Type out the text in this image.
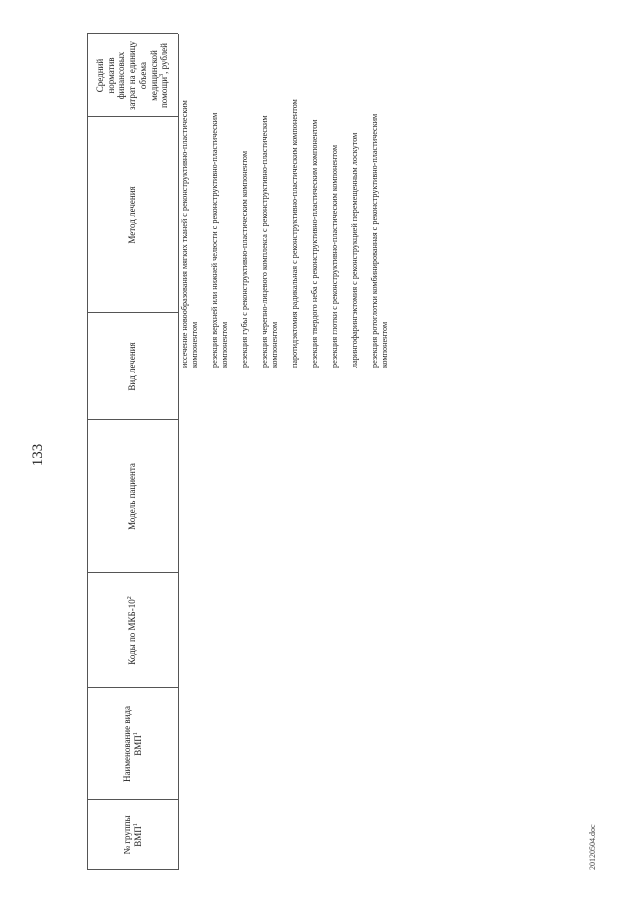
133
№ группы ВМП$^1$
Наименование вида ВМП$^1$
Коды по МКБ-$10^2$
Модель пациента
Вид лечения
Метод лечения
Средний норматив финансовых затрат на единицу объема медицинской помощи$^3$, рублей
иссечение новообразования мягких тканей с реконструктивно-пластическим компонентом резекция верхней или нижней челюсти с реконструктивно-пластическим компонентом резекция губы с реконструктивно-пластическим компонентом резекция черепно-лицевого комплекса с реконструктивно-пластическим компонентом паротидэктомия радикальная с реконструктивно-пластическим компонентом резекция твердого неба с реконструктивно-пластическим компонентом резекция глотки с реконструктивно-пластическим компонентом ларингофарингэктомия с реконструкцией перемещенным лоскутом резекция ротоглотки комбинированная с реконструктивно-пластическим компонентом
20120504.doc
